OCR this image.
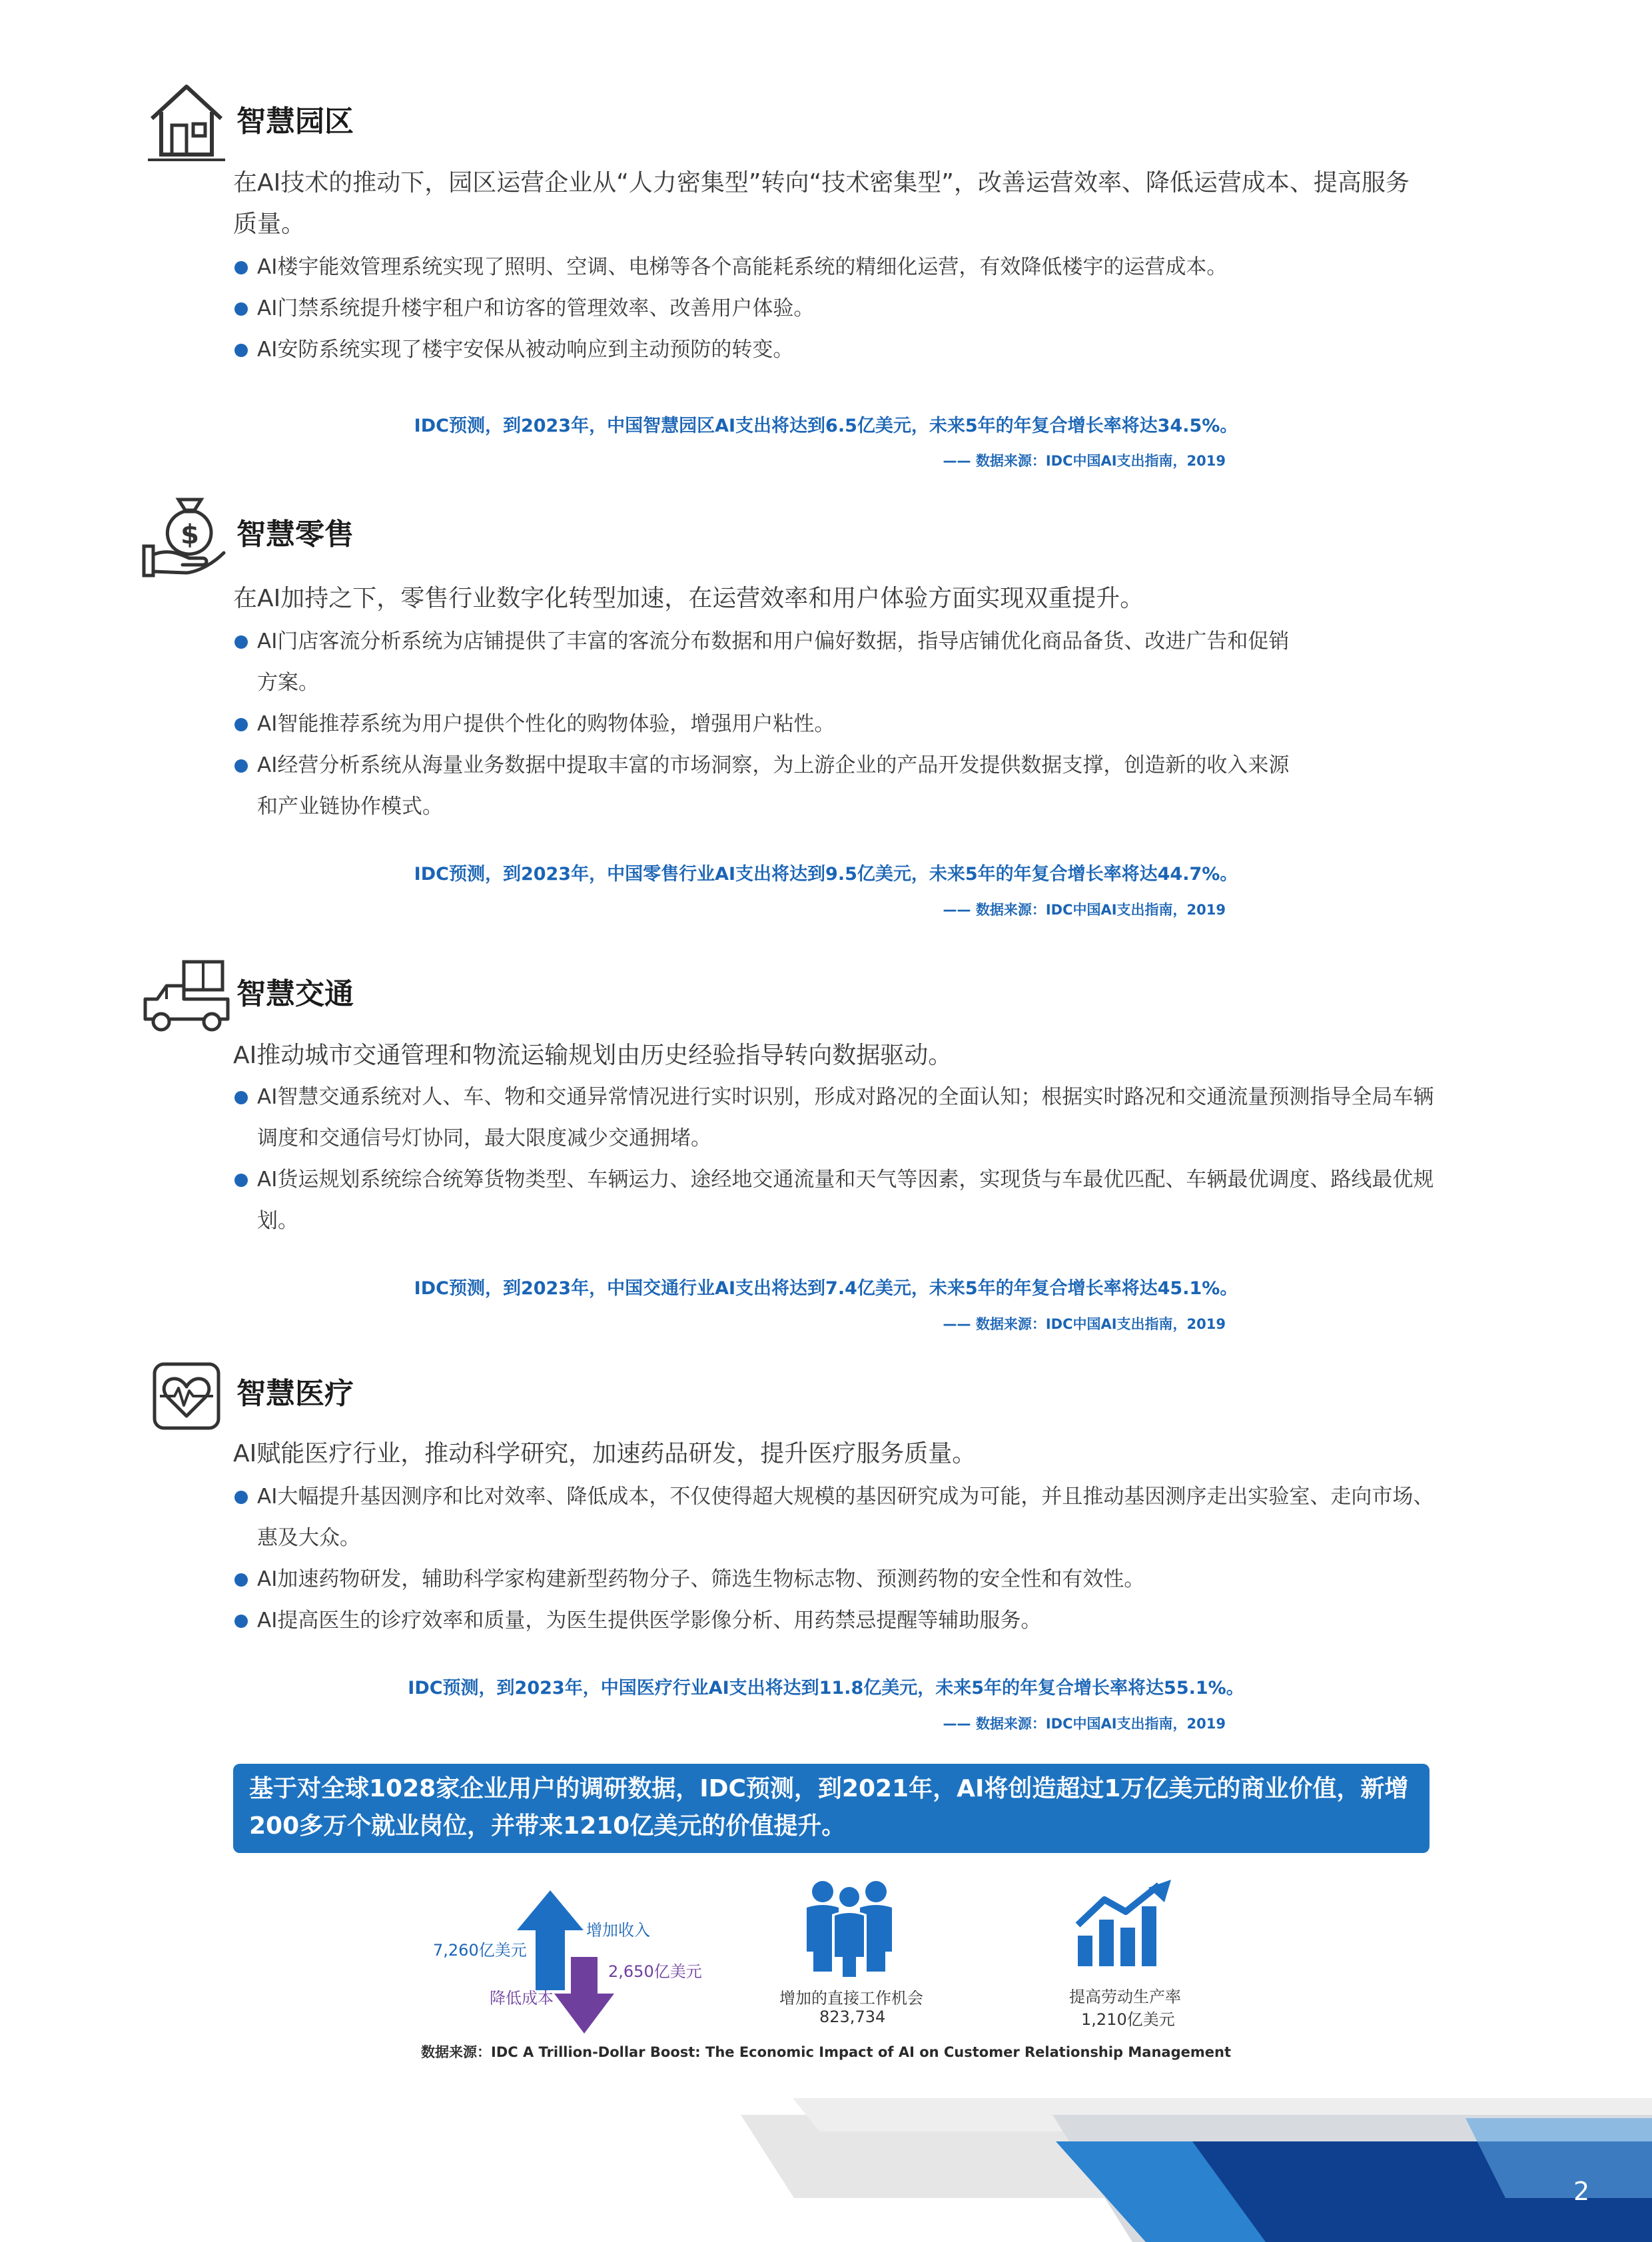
智慧园区
在AI技术的推动下，园区运营企业从“人力密集型”转向“技术密集型”，改善运营效率、降低运营成本、提高服务质量。
AI楼宇能效管理系统实现了照明、空调、电梯等各个高能耗系统的精细化运营，有效降低楼宇的运营成本。
AI门禁系统提升楼宇租户和访客的管理效率、改善用户体验。
AI安防系统实现了楼宇安保从被动响应到主动预防的转变。
IDC预测，到2023年，中国智慧园区AI支出将达到6.5亿美元，未来5年的年复合增长率将达34.5%。
—— 数据来源：IDC中国AI支出指南，2019
$ 智慧零售
在AI加持之下，零售行业数字化转型加速，在运营效率和用户体验方面实现双重提升。
AI门店客流分析系统为店铺提供了丰富的客流分布数据和用户偏好数据，指导店铺优化商品备货、改进广告和促销方案。
AI智能推荐系统为用户提供个性化的购物体验，增强用户粘性。
AI经营分析系统从海量业务数据中提取丰富的市场洞察，为上游企业的产品开发提供数据支撑，创造新的收入来源和产业链协作模式。
IDC预测，到2023年，中国零售行业AI支出将达到9.5亿美元，未来5年的年复合增长率将达44.7%。
—— 数据来源：IDC中国AI支出指南，2019
智慧交通
AI推动城市交通管理和物流运输规划由历史经验指导转向数据驱动。
AI智慧交通系统对人、车、物和交通异常情况进行实时识别，形成对路况的全面认知；根据实时路况和交通流量预测指导全局车辆调度和交通信号灯协同，最大限度减少交通拥堵。
AI货运规划系统综合统筹货物类型、车辆运力、途经地交通流量和天气等因素，实现货与车最优匹配、车辆最优调度、路线最优规划。
IDC预测，到2023年，中国交通行业AI支出将达到7.4亿美元，未来5年的年复合增长率将达45.1%。
—— 数据来源：IDC中国AI支出指南，2019
智慧医疗
AI赋能医疗行业，推动科学研究，加速药品研发，提升医疗服务质量。
AI大幅提升基因测序和比对效率、降低成本，不仅使得超大规模的基因研究成为可能，并且推动基因测序走出实验室、走向市场、惠及大众。
AI加速药物研发，辅助科学家构建新型药物分子、筛选生物标志物、预测药物的安全性和有效性。
AI提高医生的诊疗效率和质量，为医生提供医学影像分析、用药禁忌提醒等辅助服务。
IDC预测，到2023年，中国医疗行业AI支出将达到11.8亿美元，未来5年的年复合增长率将达55.1%。
—— 数据来源：IDC中国AI支出指南，2019
基于对全球1028家企业用户的调研数据，IDC预测，到2021年，AI将创造超过1万亿美元的商业价值，新增200多万个就业岗位，并带来1210亿美元的价值提升。
7,260亿美元
增加收入
2,650亿美元
降低成本	增加的直接工作机会
823,734
提高劳动生产率
1,210亿美元
数据来源：IDC A Trillion-Dollar Boost: The Economic Impact of AI on Customer Relationship Management
2
